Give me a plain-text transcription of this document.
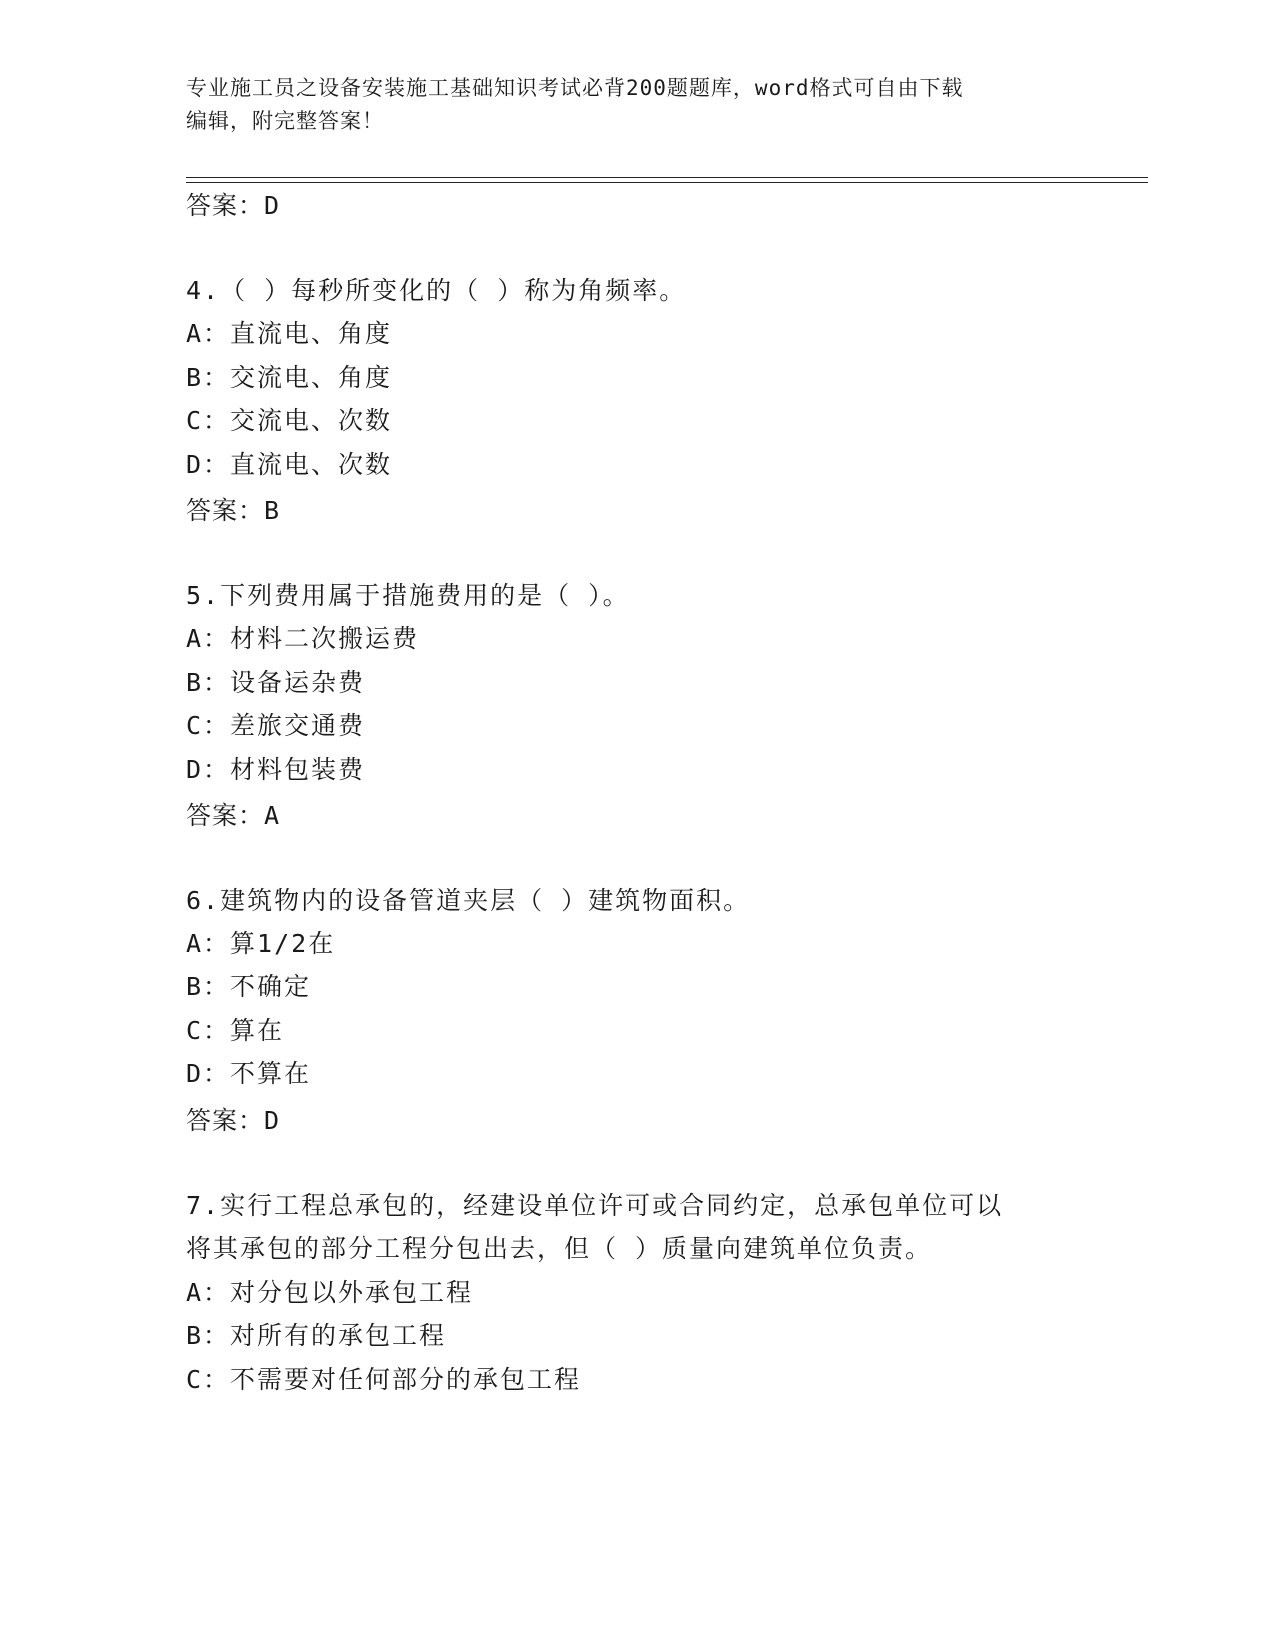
专业施工员之设备安装施工基础知识考试必背200题题库，word格式可自由下载
编辑，附完整答案！
答案：D
4.（ ）每秒所变化的（ ）称为角频率。
A：直流电、角度
B：交流电、角度
C：交流电、次数
D：直流电、次数
答案：B
5.下列费用属于措施费用的是（ ）。
A：材料二次搬运费
B：设备运杂费
C：差旅交通费
D：材料包装费
答案：A
6.建筑物内的设备管道夹层（ ）建筑物面积。
A：算1/2在
B：不确定
C：算在
D：不算在
答案：D
7.实行工程总承包的，经建设单位许可或合同约定，总承包单位可以
将其承包的部分工程分包出去，但（ ）质量向建筑单位负责。
A：对分包以外承包工程
B：对所有的承包工程
C：不需要对任何部分的承包工程
